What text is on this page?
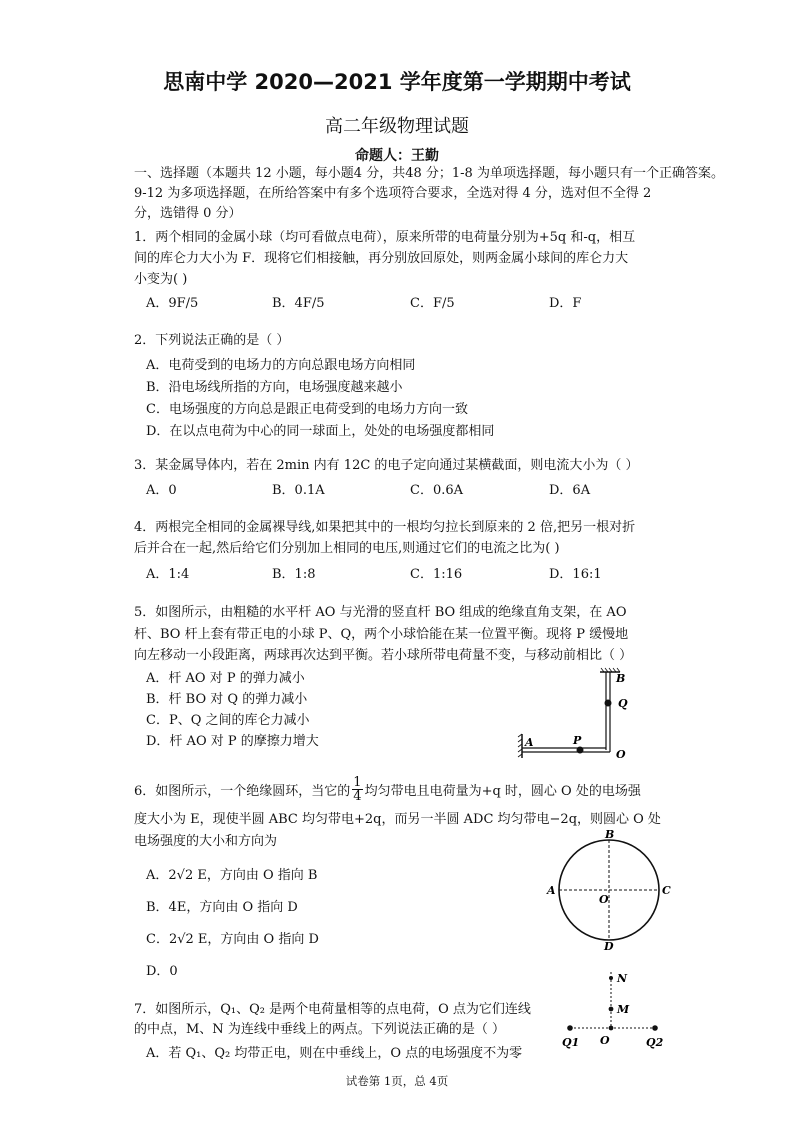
思南中学 2020—2021 学年度第一学期期中考试
高二年级物理试题
命题人：王勤
一、选择题（本题共 12 小题，每小题4 分，共48 分；1-8 为单项选择题，每小题只有一个正确答案。
9-12 为多项选择题，在所给答案中有多个选项符合要求，全选对得 4 分，选对但不全得 2
分，选错得 0 分）
1．两个相同的金属小球（均可看做点电荷），原来所带的电荷量分别为+5q 和-q，相互
间的库仑力大小为 F．现将它们相接触，再分别放回原处，则两金属小球间的库仑力大
小变为( )
A．9F/5	B．4F/5	C．F/5	D．F
2．下列说法正确的是（ ）
A．电荷受到的电场力的方向总跟电场方向相同
B．沿电场线所指的方向，电场强度越来越小
C．电场强度的方向总是跟正电荷受到的电场力方向一致
D．在以点电荷为中心的同一球面上，处处的电场强度都相同
3．某金属导体内，若在 2min 内有 12C 的电子定向通过某横截面，则电流大小为（ ）
A．0	B．0.1A	C．0.6A	D．6A
4．两根完全相同的金属裸导线,如果把其中的一根均匀拉长到原来的 2 倍,把另一根对折
后并合在一起,然后给它们分别加上相同的电压,则通过它们的电流之比为( )
A．1:4	B．1:8	C．1:16	D．16:1
5．如图所示，由粗糙的水平杆 AO 与光滑的竖直杆 BO 组成的绝缘直角支架，在 AO
杆、BO 杆上套有带正电的小球 P、Q，两个小球恰能在某一位置平衡。现将 P 缓慢地
向左移动一小段距离，两球再次达到平衡。若小球所带电荷量不变，与移动前相比（ ）
A．杆 AO 对 P 的弹力减小
B．杆 BO 对 Q 的弹力减小
C．P、Q 之间的库仑力减小
D．杆 AO 对 P 的摩擦力增大
B
Q
A	P
O
6．如图所示，一个绝缘圆环，当它的 $\frac{1}{4}$ 均匀带电且电荷量为+q 时，圆心 O 处的电场强
度大小为 E，现使半圆 ABC 均匀带电+2q，而另一半圆 ADC 均匀带电−2q，则圆心 O 处
电场强度的大小和方向为
A．2√2 E，方向由 O 指向 B
B．4E，方向由 O 指向 D
C．2√2 E，方向由 O 指向 D
D．0
B
A	C
O
D
7．如图所示，Q₁、Q₂ 是两个电荷量相等的点电荷，O 点为它们连线
的中点，M、N 为连线中垂线上的两点。下列说法正确的是（ ）
A．若 Q₁、Q₂ 均带正电，则在中垂线上，O 点的电场强度不为零
N
M
O
Q1	Q2
试卷第 1页，总 4页
